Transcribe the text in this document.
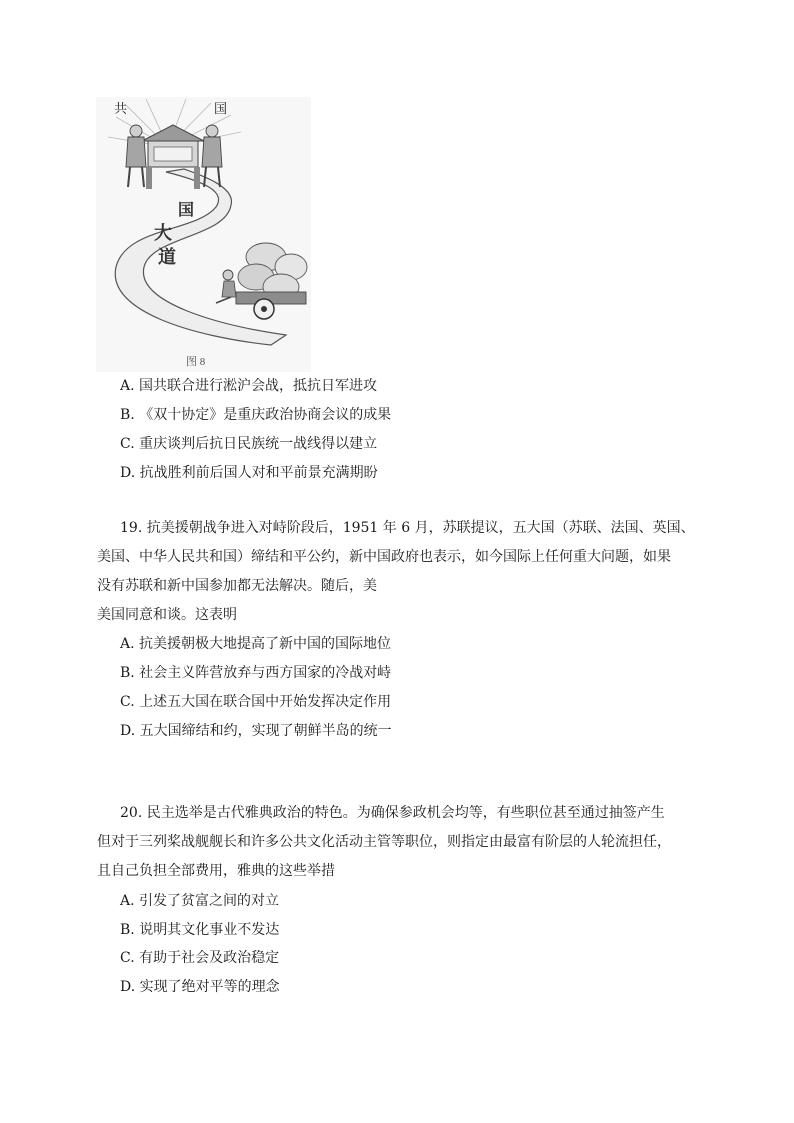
共	国
国
大
道
图 8
A. 国共联合进行淞沪会战，抵抗日军进攻
B. 《双十协定》是重庆政治协商会议的成果
C. 重庆谈判后抗日民族统一战线得以建立
D. 抗战胜利前后国人对和平前景充满期盼
19. 抗美援朝战争进入对峙阶段后，1951 年 6 月，苏联提议，五大国（苏联、法国、英国、
美国、中华人民共和国）缔结和平公约，新中国政府也表示，如今国际上任何重大问题，如果
没有苏联和新中国参加都无法解决。随后，美
美国同意和谈。这表明
A. 抗美援朝极大地提高了新中国的国际地位
B. 社会主义阵营放弃与西方国家的冷战对峙
C. 上述五大国在联合国中开始发挥决定作用
D. 五大国缔结和约，实现了朝鲜半岛的统一
20. 民主选举是古代雅典政治的特色。为确保参政机会均等，有些职位甚至通过抽签产生
但对于三列桨战舰舰长和许多公共文化活动主管等职位，则指定由最富有阶层的人轮流担任，
且自己负担全部费用，雅典的这些举措
A. 引发了贫富之间的对立
B. 说明其文化事业不发达
C. 有助于社会及政治稳定
D. 实现了绝对平等的理念
